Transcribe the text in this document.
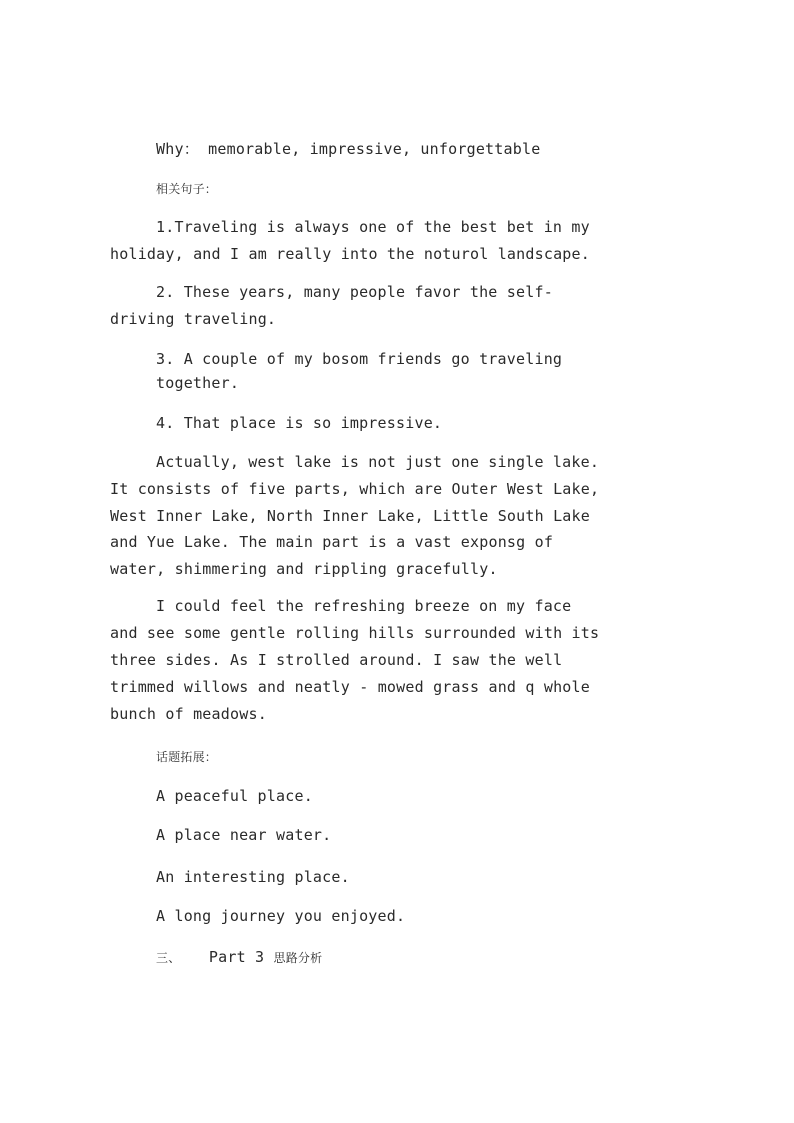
Why： memorable, impressive, unforgettable
相关句子：
1.Traveling is always one of the best bet in my
holiday, and I am really into the noturol landscape.
2. These years, many people favor the self-
driving traveling.
3. A couple of my bosom friends go traveling
together.
4. That place is so impressive.
Actually, west lake is not just one single lake.
It consists of five parts, which are Outer West Lake,
West Inner Lake, North Inner Lake, Little South Lake
and Yue Lake. The main part is a vast exponsg of
water, shimmering and rippling gracefully.
I could feel the refreshing breeze on my face
and see some gentle rolling hills surrounded with its
three sides. As I strolled around. I saw the well
trimmed willows and neatly - mowed grass and q whole
bunch of meadows.
话题拓展：
A peaceful place.
A place near water.
An interesting place.
A long journey you enjoyed.
三、 Part 3 思路分析
